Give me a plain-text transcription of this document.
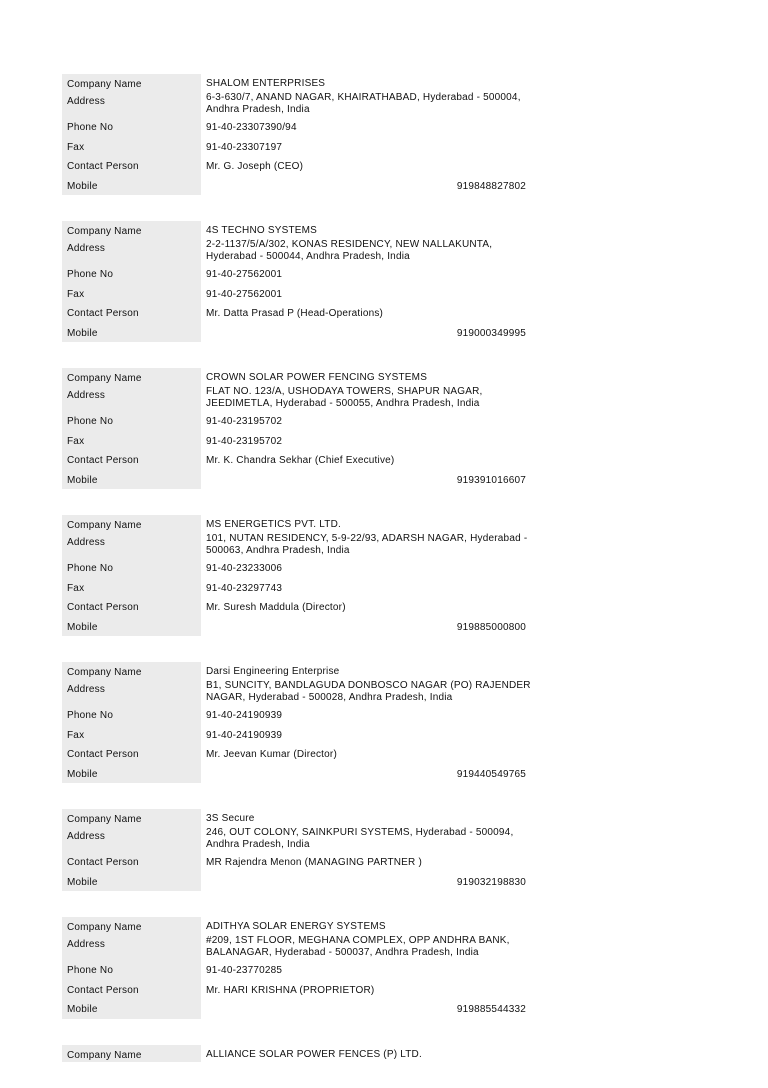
Company Name	SHALOM ENTERPRISES
Address	6-3-630/7, ANAND NAGAR, KHAIRATHABAD, Hyderabad - 500004, Andhra Pradesh, India
Phone No	91-40-23307390/94
Fax	91-40-23307197
Contact Person	Mr. G. Joseph (CEO)
Mobile	919848827802
Company Name	4S TECHNO SYSTEMS
Address	2-2-1137/5/A/302, KONAS RESIDENCY, NEW NALLAKUNTA, Hyderabad - 500044, Andhra Pradesh, India
Phone No	91-40-27562001
Fax	91-40-27562001
Contact Person	Mr. Datta Prasad P (Head-Operations)
Mobile	919000349995
Company Name	CROWN SOLAR POWER FENCING SYSTEMS
Address	FLAT NO. 123/A, USHODAYA TOWERS, SHAPUR NAGAR, JEEDIMETLA, Hyderabad - 500055, Andhra Pradesh, India
Phone No	91-40-23195702
Fax	91-40-23195702
Contact Person	Mr. K. Chandra Sekhar (Chief Executive)
Mobile	919391016607
Company Name	MS ENERGETICS PVT. LTD.
Address	101, NUTAN RESIDENCY, 5-9-22/93, ADARSH NAGAR, Hyderabad - 500063, Andhra Pradesh, India
Phone No	91-40-23233006
Fax	91-40-23297743
Contact Person	Mr. Suresh Maddula (Director)
Mobile	919885000800
Company Name	Darsi Engineering Enterprise
Address	B1, SUNCITY, BANDLAGUDA DONBOSCO NAGAR (PO) RAJENDER NAGAR, Hyderabad - 500028, Andhra Pradesh, India
Phone No	91-40-24190939
Fax	91-40-24190939
Contact Person	Mr. Jeevan Kumar (Director)
Mobile	919440549765
Company Name	3S Secure
Address	246, OUT COLONY, SAINKPURI SYSTEMS, Hyderabad - 500094, Andhra Pradesh, India
Contact Person	MR Rajendra Menon (MANAGING PARTNER )
Mobile	919032198830
Company Name	ADITHYA SOLAR ENERGY SYSTEMS
Address	#209, 1ST FLOOR, MEGHANA COMPLEX, OPP ANDHRA BANK, BALANAGAR, Hyderabad - 500037, Andhra Pradesh, India
Phone No	91-40-23770285
Contact Person	Mr. HARI KRISHNA (PROPRIETOR)
Mobile	919885544332
Company Name	ALLIANCE SOLAR POWER FENCES (P) LTD.
